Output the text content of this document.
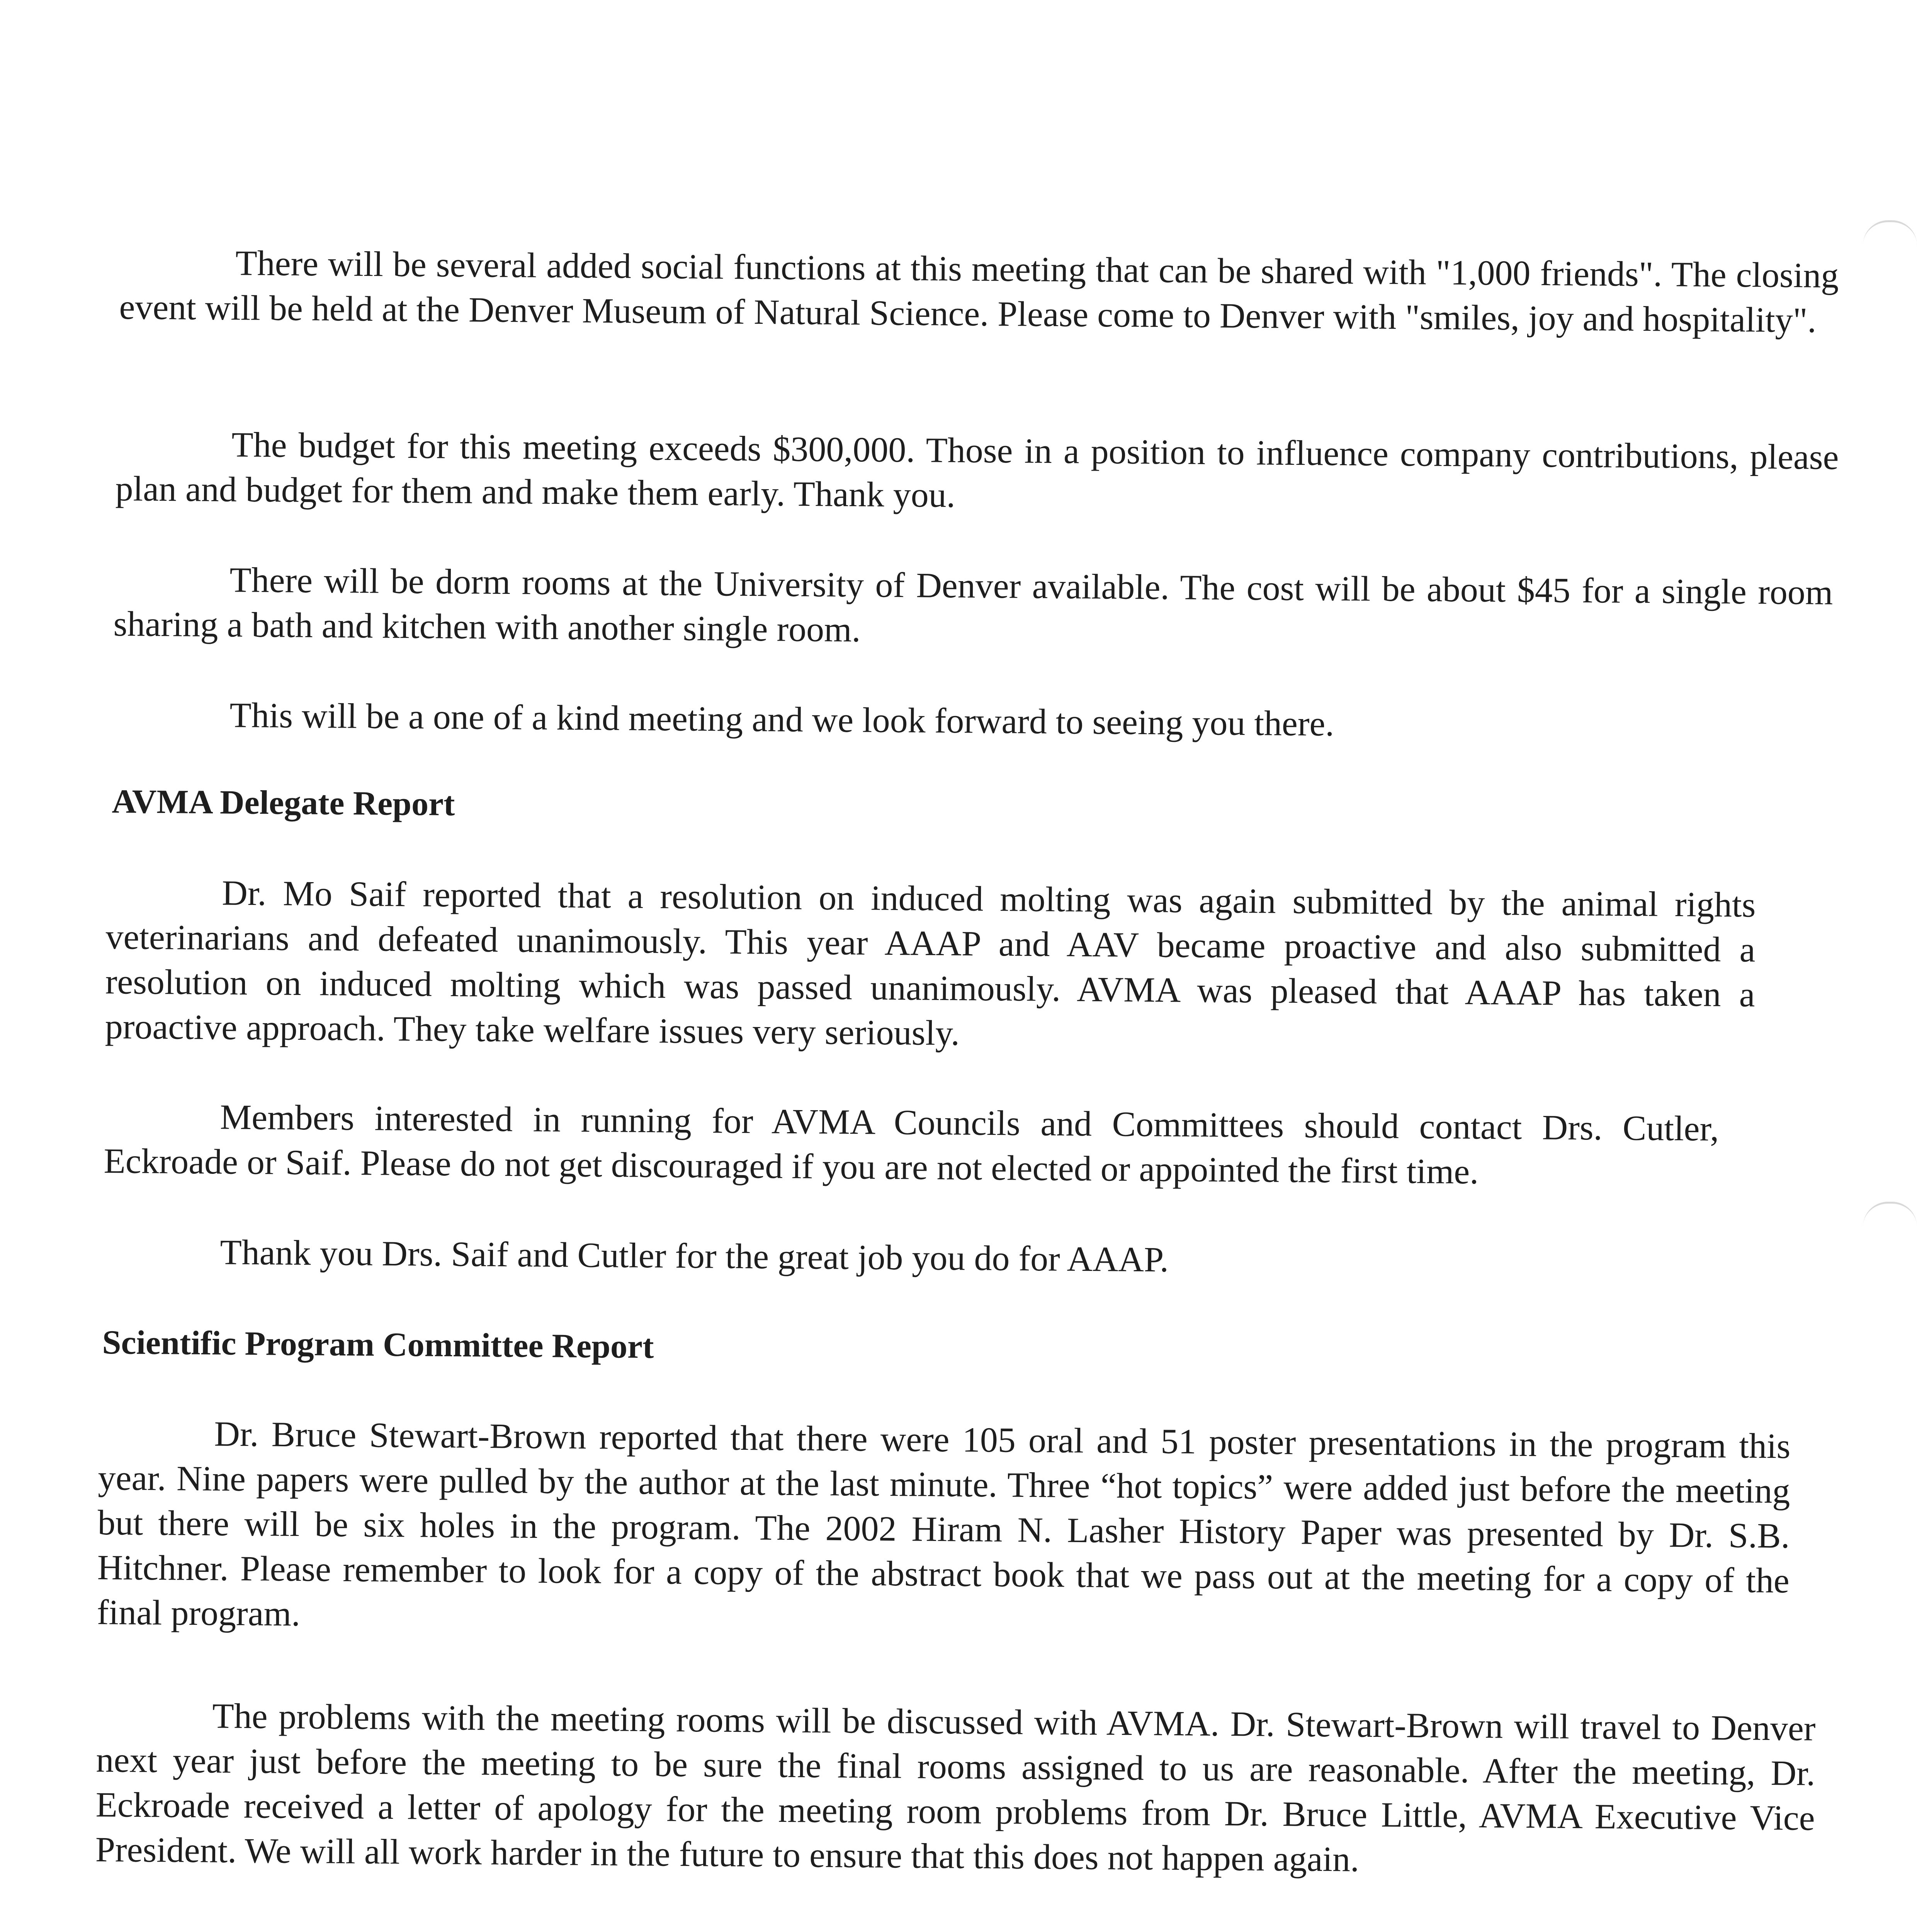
There will be several added social functions at this meeting that can be shared with "1,000 friends". The closing event will be held at the Denver Museum of Natural Science. Please come to Denver with "smiles, joy and hospitality".

The budget for this meeting exceeds $300,000. Those in a position to influence company contributions, please plan and budget for them and make them early. Thank you.

There will be dorm rooms at the University of Denver available. The cost will be about $45 for a single room sharing a bath and kitchen with another single room.

This will be a one of a kind meeting and we look forward to seeing you there.

AVMA Delegate Report

Dr. Mo Saif reported that a resolution on induced molting was again submitted by the animal rights veterinarians and defeated unanimously. This year AAAP and AAV became proactive and also submitted a resolution on induced molting which was passed unanimously. AVMA was pleased that AAAP has taken a proactive approach. They take welfare issues very seriously.

Members interested in running for AVMA Councils and Committees should contact Drs. Cutler, Eckroade or Saif. Please do not get discouraged if you are not elected or appointed the first time.

Thank you Drs. Saif and Cutler for the great job you do for AAAP.

Scientific Program Committee Report

Dr. Bruce Stewart-Brown reported that there were 105 oral and 51 poster presentations in the program this year. Nine papers were pulled by the author at the last minute. Three “hot topics” were added just before the meeting but there will be six holes in the program. The 2002 Hiram N. Lasher History Paper was presented by Dr. S.B. Hitchner. Please remember to look for a copy of the abstract book that we pass out at the meeting for a copy of the final program.

The problems with the meeting rooms will be discussed with AVMA. Dr. Stewart-Brown will travel to Denver next year just before the meeting to be sure the final rooms assigned to us are reasonable. After the meeting, Dr. Eckroade received a letter of apology for the meeting room problems from Dr. Bruce Little, AVMA Executive Vice President. We will all work harder in the future to ensure that this does not happen again.
